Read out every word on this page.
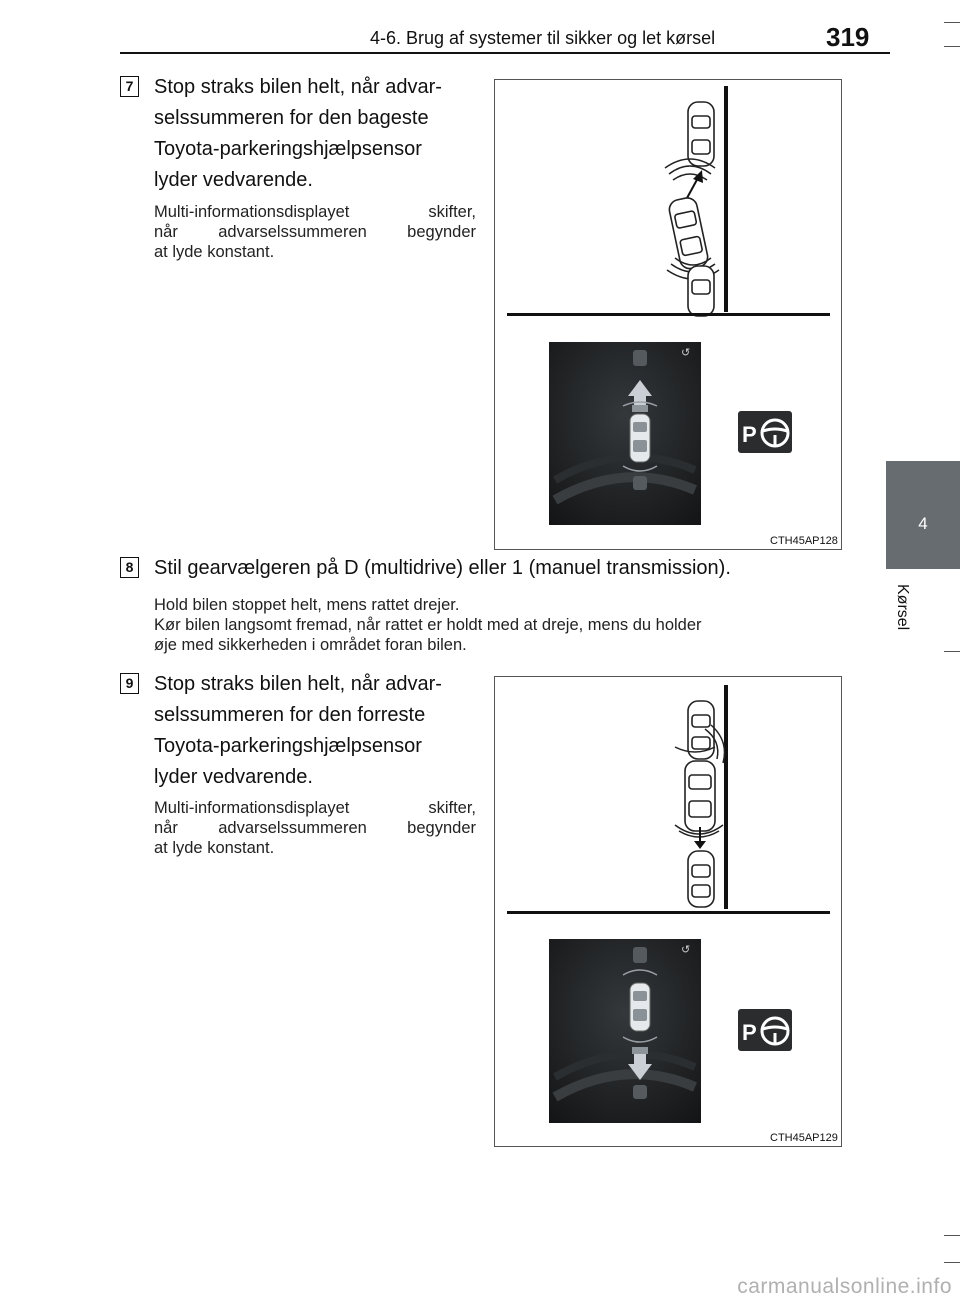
4-6. Brug af systemer til sikker og let kørsel	319
4
Kørsel
7 Stop straks bilen helt, når advar-
selssummeren for den bageste
Toyota-parkeringshjælpsensor
lyder vedvarende.
Multi-informationsdisplayet skifter,
når advarselssummeren begynder
at lyde konstant.
↺
P
CTH45AP128
8 Stil gearvælgeren på D (multidrive) eller 1 (manuel transmission).
Hold bilen stoppet helt, mens rattet drejer.
Kør bilen langsomt fremad, når rattet er holdt med at dreje, mens du holder
øje med sikkerheden i området foran bilen.
9 Stop straks bilen helt, når advar-
selssummeren for den forreste
Toyota-parkeringshjælpsensor
lyder vedvarende.
Multi-informationsdisplayet skifter,
når advarselssummeren begynder
at lyde konstant.
↺
P
CTH45AP129
carmanualsonline.info
